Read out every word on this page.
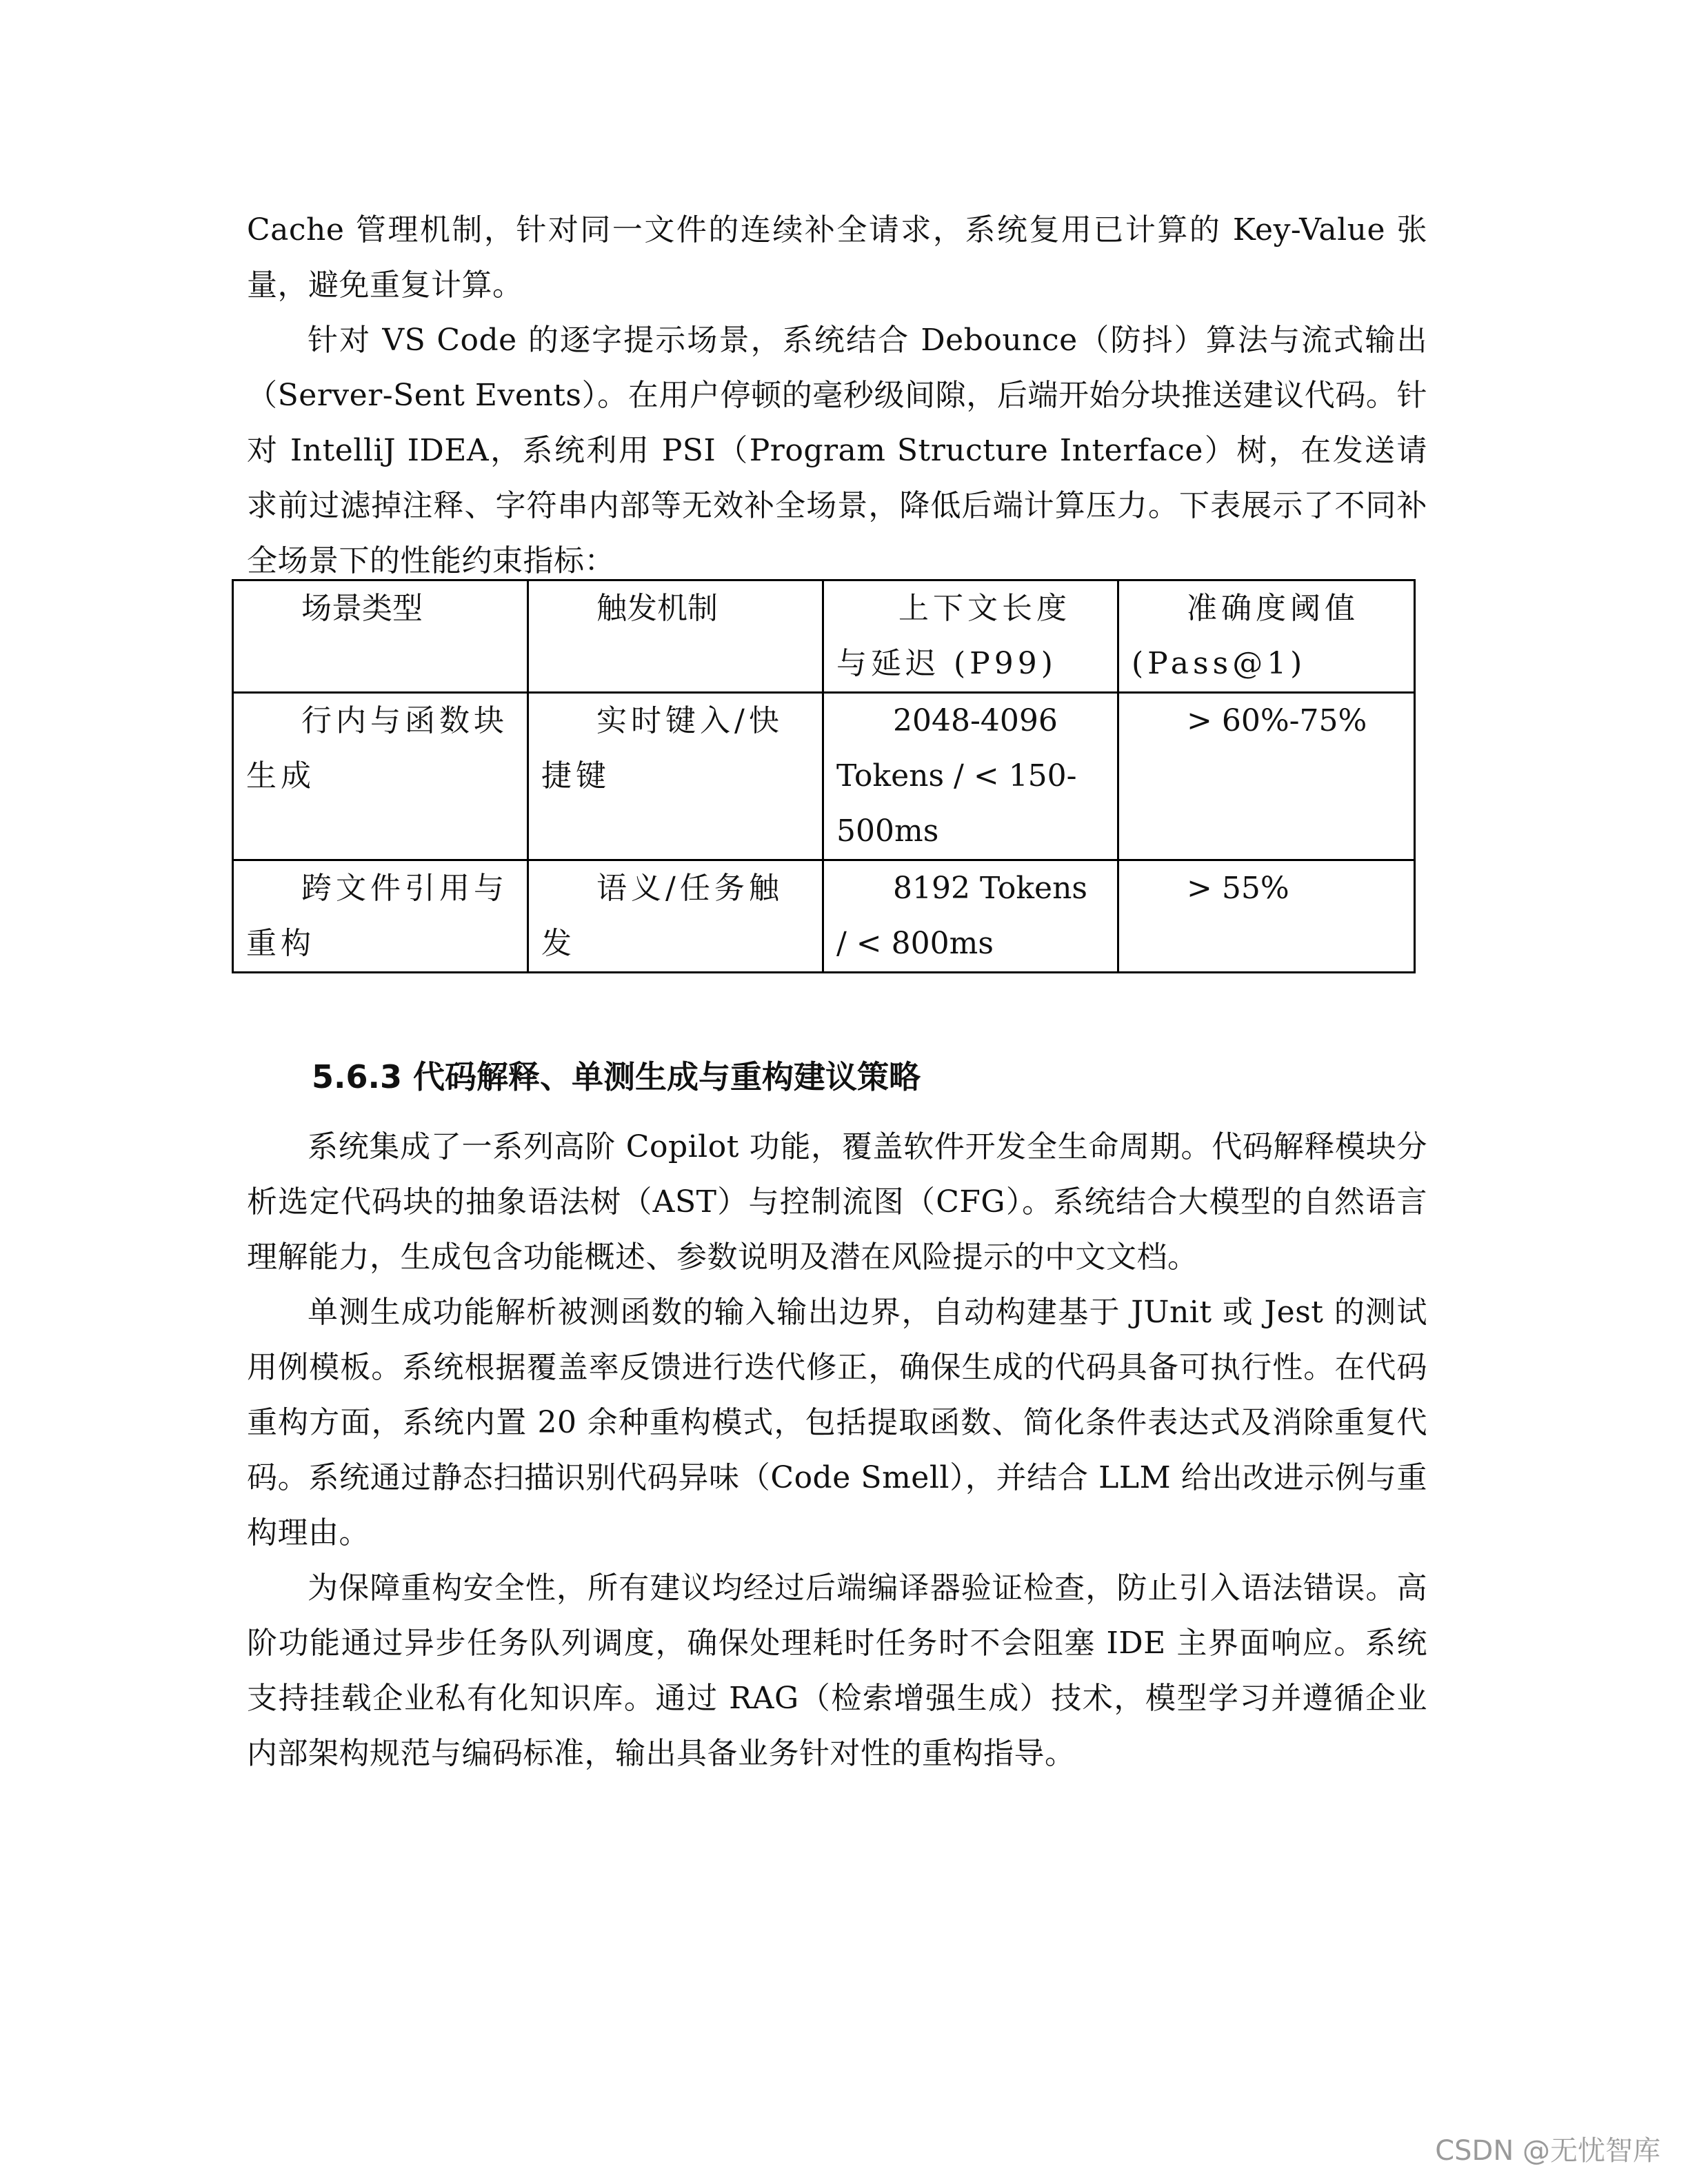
Cache 管理机制，针对同一文件的连续补全请求，系统复用已计算的 Key-Value 张量，避免重复计算。

针对 VS Code 的逐字提示场景，系统结合 Debounce（防抖）算法与流式输出（Server-Sent Events）。在用户停顿的毫秒级间隙，后端开始分块推送建议代码。针对 IntelliJ IDEA，系统利用 PSI（Program Structure Interface）树，在发送请求前过滤掉注释、字符串内部等无效补全场景，降低后端计算压力。下表展示了不同补全场景下的性能约束指标：

场景类型	触发机制	上下文长度与延迟 (P99)	准确度阈值 (Pass@1)
行内与函数块生成	实时键入/快捷键	2048-4096 Tokens / < 150-500ms	> 60%-75%
跨文件引用与重构	语义/任务触发	8192 Tokens / < 800ms	> 55%
5.6.3 代码解释、单测生成与重构建议策略

系统集成了一系列高阶 Copilot 功能，覆盖软件开发全生命周期。代码解释模块分析选定代码块的抽象语法树（AST）与控制流图（CFG）。系统结合大模型的自然语言理解能力，生成包含功能概述、参数说明及潜在风险提示的中文文档。

单测生成功能解析被测函数的输入输出边界，自动构建基于 JUnit 或 Jest 的测试用例模板。系统根据覆盖率反馈进行迭代修正，确保生成的代码具备可执行性。在代码重构方面，系统内置 20 余种重构模式，包括提取函数、简化条件表达式及消除重复代码。系统通过静态扫描识别代码异味（Code Smell），并结合 LLM 给出改进示例与重构理由。

为保障重构安全性，所有建议均经过后端编译器验证检查，防止引入语法错误。高阶功能通过异步任务队列调度，确保处理耗时任务时不会阻塞 IDE 主界面响应。系统支持挂载企业私有化知识库。通过 RAG（检索增强生成）技术，模型学习并遵循企业内部架构规范与编码标准，输出具备业务针对性的重构指导。

CSDN @无忧智库
